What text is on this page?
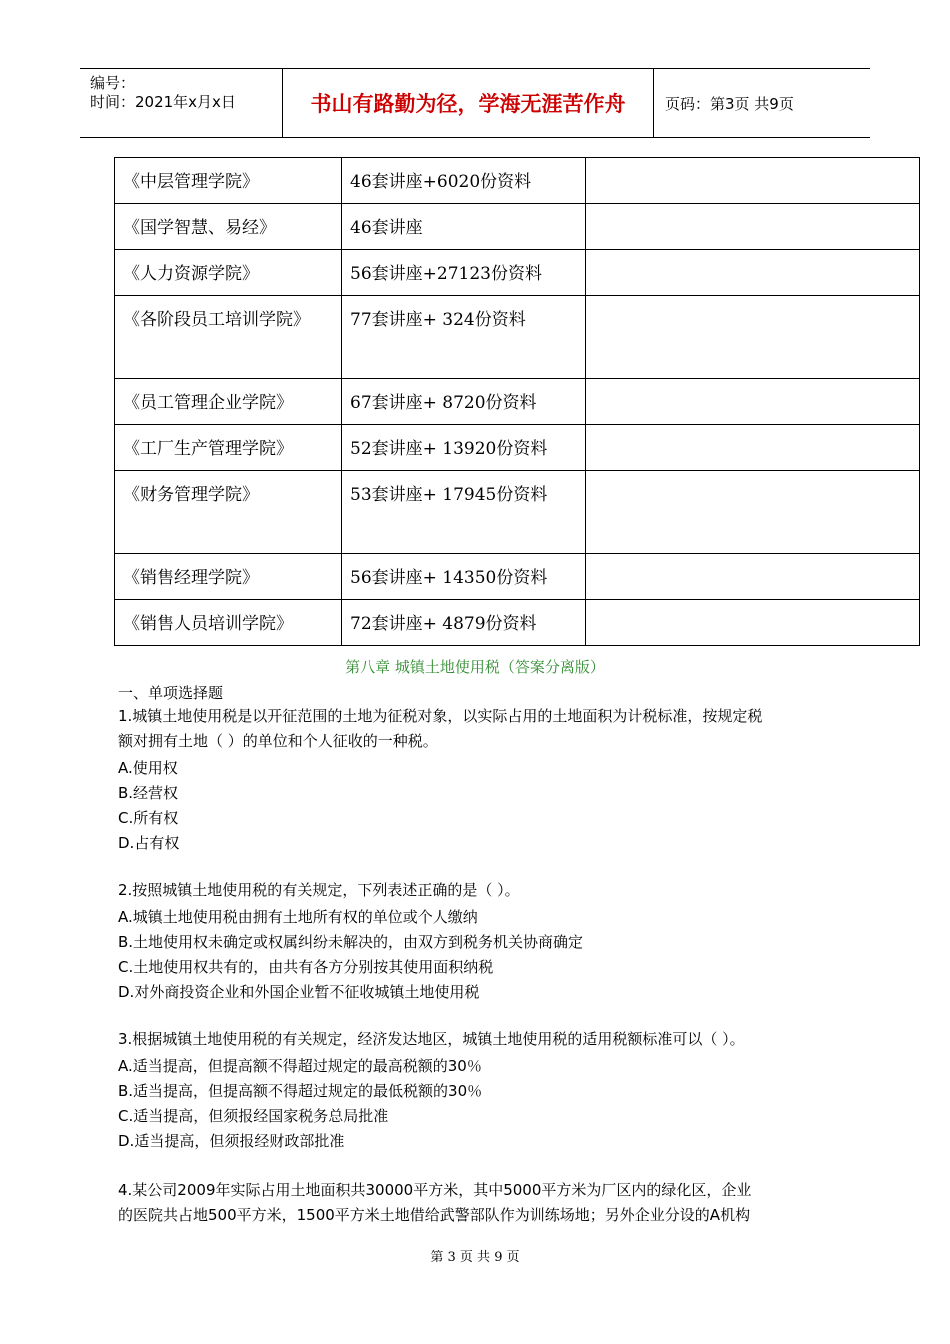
编号：
时间：2021年x月x日	书山有路勤为径，学海无涯苦作舟	页码：第3页 共9页
《中层管理学院》	46套讲座+6020份资料	
《国学智慧、易经》	46套讲座	
《人力资源学院》	56套讲座+27123份资料	
《各阶段员工培训学院》	77套讲座+ 324份资料	
《员工管理企业学院》	67套讲座+ 8720份资料	
《工厂生产管理学院》	52套讲座+ 13920份资料	
《财务管理学院》	53套讲座+ 17945份资料	
《销售经理学院》	56套讲座+ 14350份资料	
《销售人员培训学院》	72套讲座+ 4879份资料	
第八章 城镇土地使用税（答案分离版）
一、单项选择题
1.城镇土地使用税是以开征范围的土地为征税对象，以实际占用的土地面积为计税标准，按规定税
额对拥有土地（ ）的单位和个人征收的一种税。
A.使用权
B.经营权
C.所有权
D.占有权
2.按照城镇土地使用税的有关规定，下列表述正确的是（ ）。
A.城镇土地使用税由拥有土地所有权的单位或个人缴纳
B.土地使用权未确定或权属纠纷未解决的，由双方到税务机关协商确定
C.土地使用权共有的，由共有各方分别按其使用面积纳税
D.对外商投资企业和外国企业暂不征收城镇土地使用税
3.根据城镇土地使用税的有关规定，经济发达地区，城镇土地使用税的适用税额标准可以（ ）。
A.适当提高，但提高额不得超过规定的最高税额的30％
B.适当提高，但提高额不得超过规定的最低税额的30％
C.适当提高，但须报经国家税务总局批准
D.适当提高，但须报经财政部批准
4.某公司2009年实际占用土地面积共30000平方米，其中5000平方米为厂区内的绿化区，企业
的医院共占地500平方米，1500平方米土地借给武警部队作为训练场地；另外企业分设的A机构
第 3 页 共 9 页
